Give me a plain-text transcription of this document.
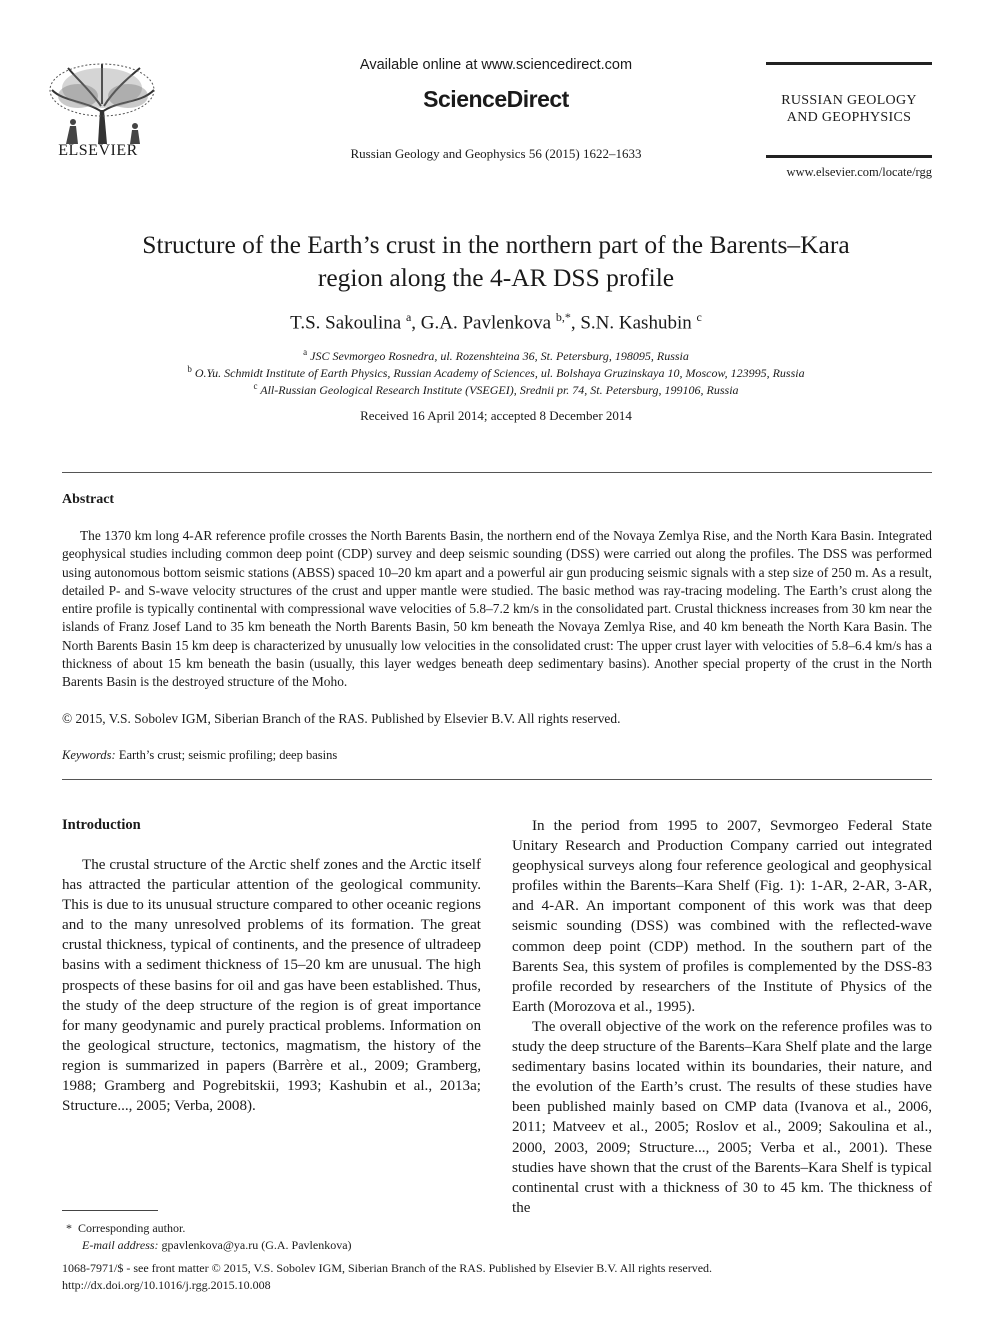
ELSEVIER
Available online at www.sciencedirect.com
ScienceDirect
Russian Geology and Geophysics 56 (2015) 1622–1633
RUSSIAN GEOLOGY
AND GEOPHYSICS
www.elsevier.com/locate/rgg
Structure of the Earth’s crust in the northern part of the Barents–Kara
region along the 4-AR DSS profile
T.S. Sakoulina $^a$, G.A. Pavlenkova $^{b,*}$, S.N. Kashubin $^c$
$^a$ JSC Sevmorgeo Rosnedra, ul. Rozenshteina 36, St. Petersburg, 198095, Russia
$^b$ O.Yu. Schmidt Institute of Earth Physics, Russian Academy of Sciences, ul. Bolshaya Gruzinskaya 10, Moscow, 123995, Russia
$^c$ All-Russian Geological Research Institute (VSEGEI), Srednii pr. 74, St. Petersburg, 199106, Russia
Received 16 April 2014; accepted 8 December 2014
Abstract

The 1370 km long 4-AR reference profile crosses the North Barents Basin, the northern end of the Novaya Zemlya Rise, and the North Kara Basin. Integrated geophysical studies including common deep point (CDP) survey and deep seismic sounding (DSS) were carried out along the profiles. The DSS was performed using autonomous bottom seismic stations (ABSS) spaced 10–20 km apart and a powerful air gun producing seismic signals with a step size of 250 m. As a result, detailed P- and S-wave velocity structures of the crust and upper mantle were studied. The basic method was ray-tracing modeling. The Earth’s crust along the entire profile is typically continental with compressional wave velocities of 5.8–7.2 km/s in the consolidated part. Crustal thickness increases from 30 km near the islands of Franz Josef Land to 35 km beneath the North Barents Basin, 50 km beneath the Novaya Zemlya Rise, and 40 km beneath the North Kara Basin. The North Barents Basin 15 km deep is characterized by unusually low velocities in the consolidated crust: The upper crust layer with velocities of 5.8–6.4 km/s has a thickness of about 15 km beneath the basin (usually, this layer wedges beneath deep sedimentary basins). Another special property of the crust in the North Barents Basin is the destroyed structure of the Moho.

© 2015, V.S. Sobolev IGM, Siberian Branch of the RAS. Published by Elsevier B.V. All rights reserved.
Keywords: Earth’s crust; seismic profiling; deep basins
Introduction

The crustal structure of the Arctic shelf zones and the Arctic itself has attracted the particular attention of the geological community. This is due to its unusual structure compared to other oceanic regions and to the many unresolved problems of its formation. The great crustal thickness, typical of continents, and the presence of ultradeep basins with a sediment thickness of 15–20 km are unusual. The high prospects of these basins for oil and gas have been established. Thus, the study of the deep structure of the region is of great importance for many geodynamic and purely practical problems. Information on the geological structure, tectonics, magmatism, the history of the region is summarized in papers (Barrère et al., 2009; Gramberg, 1988; Gramberg and Pogrebitskii, 1993; Kashubin et al., 2013a; Structure..., 2005; Verba, 2008).

In the period from 1995 to 2007, Sevmorgeo Federal State Unitary Research and Production Company carried out integrated geophysical surveys along four reference geological and geophysical profiles within the Barents–Kara Shelf (Fig. 1): 1-AR, 2-AR, 3-AR, and 4-AR. An important component of this work was that deep seismic sounding (DSS) was combined with the reflected-wave common deep point (CDP) method. In the southern part of the Barents Sea, this system of profiles is complemented by the DSS-83 profile recorded by researchers of the Institute of Physics of the Earth (Morozova et al., 1995).

The overall objective of the work on the reference profiles was to study the deep structure of the Barents–Kara Shelf plate and the large sedimentary basins located within its boundaries, their nature, and the evolution of the Earth’s crust. The results of these studies have been published mainly based on CMP data (Ivanova et al., 2006, 2011; Matveev et al., 2005; Roslov et al., 2009; Sakoulina et al., 2000, 2003, 2009; Structure..., 2005; Verba et al., 2001). These studies have shown that the crust of the Barents–Kara Shelf is typical continental crust with a thickness of 30 to 45 km. The thickness of the

* Corresponding author.
E-mail address: gpavlenkova@ya.ru (G.A. Pavlenkova)
1068-7971/$ - see front matter © 2015, V.S. Sobolev IGM, Siberian Branch of the RAS. Published by Elsevier B.V. All rights reserved.
http://dx.doi.org/10.1016/j.rgg.2015.10.008
